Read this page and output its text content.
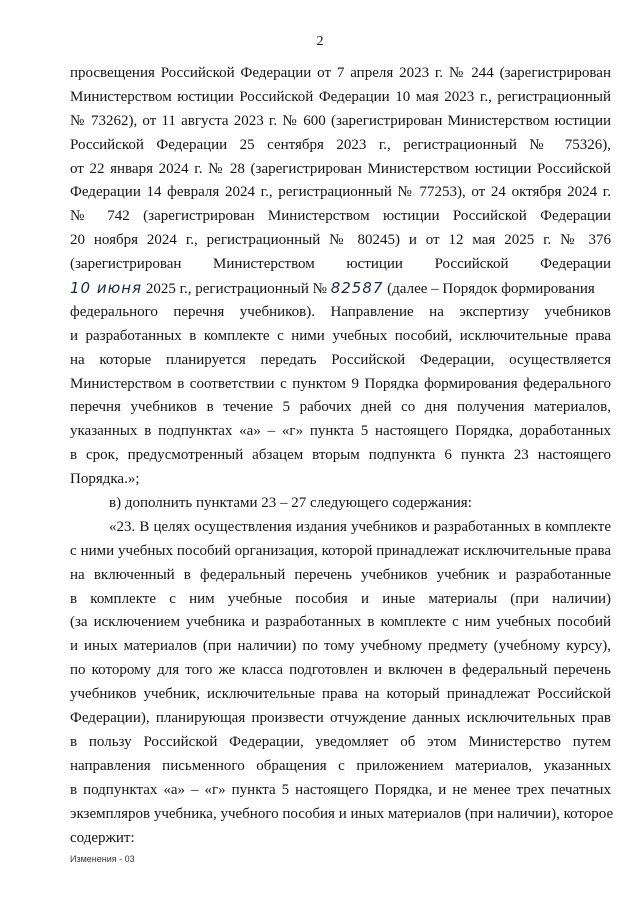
2
просвещения Российской Федерации от 7 апреля 2023 г. № 244 (зарегистрирован
Министерством юстиции Российской Федерации 10 мая 2023 г., регистрационный
№ 73262), от 11 августа 2023 г. № 600 (зарегистрирован Министерством юстиции
Российской Федерации 25 сентября 2023 г., регистрационный № 75326),
от 22 января 2024 г. № 28 (зарегистрирован Министерством юстиции Российской
Федерации 14 февраля 2024 г., регистрационный № 77253), от 24 октября 2024 г.
№ 742 (зарегистрирован Министерством юстиции Российской Федерации
20 ноября 2024 г., регистрационный № 80245) и от 12 мая 2025 г. № 376
(зарегистрирован Министерством юстиции Российской Федерации
10 июня 2025 г., регистрационный № 82587 (далее – Порядок формирования
федерального перечня учебников). Направление на экспертизу учебников
и разработанных в комплекте с ними учебных пособий, исключительные права
на которые планируется передать Российской Федерации, осуществляется
Министерством в соответствии с пунктом 9 Порядка формирования федерального
перечня учебников в течение 5 рабочих дней со дня получения материалов,
указанных в подпунктах «а» – «г» пункта 5 настоящего Порядка, доработанных
в срок, предусмотренный абзацем вторым подпункта 6 пункта 23 настоящего
Порядка.»;
в) дополнить пунктами 23 – 27 следующего содержания:
«23. В целях осуществления издания учебников и разработанных в комплекте
с ними учебных пособий организация, которой принадлежат исключительные права
на включенный в федеральный перечень учебников учебник и разработанные
в комплекте с ним учебные пособия и иные материалы (при наличии)
(за исключением учебника и разработанных в комплекте с ним учебных пособий
и иных материалов (при наличии) по тому учебному предмету (учебному курсу),
по которому для того же класса подготовлен и включен в федеральный перечень
учебников учебник, исключительные права на который принадлежат Российской
Федерации), планирующая произвести отчуждение данных исключительных прав
в пользу Российской Федерации, уведомляет об этом Министерство путем
направления письменного обращения с приложением материалов, указанных
в подпунктах «а» – «г» пункта 5 настоящего Порядка, и не менее трех печатных
экземпляров учебника, учебного пособия и иных материалов (при наличии), которое
содержит:
Изменения - 03
